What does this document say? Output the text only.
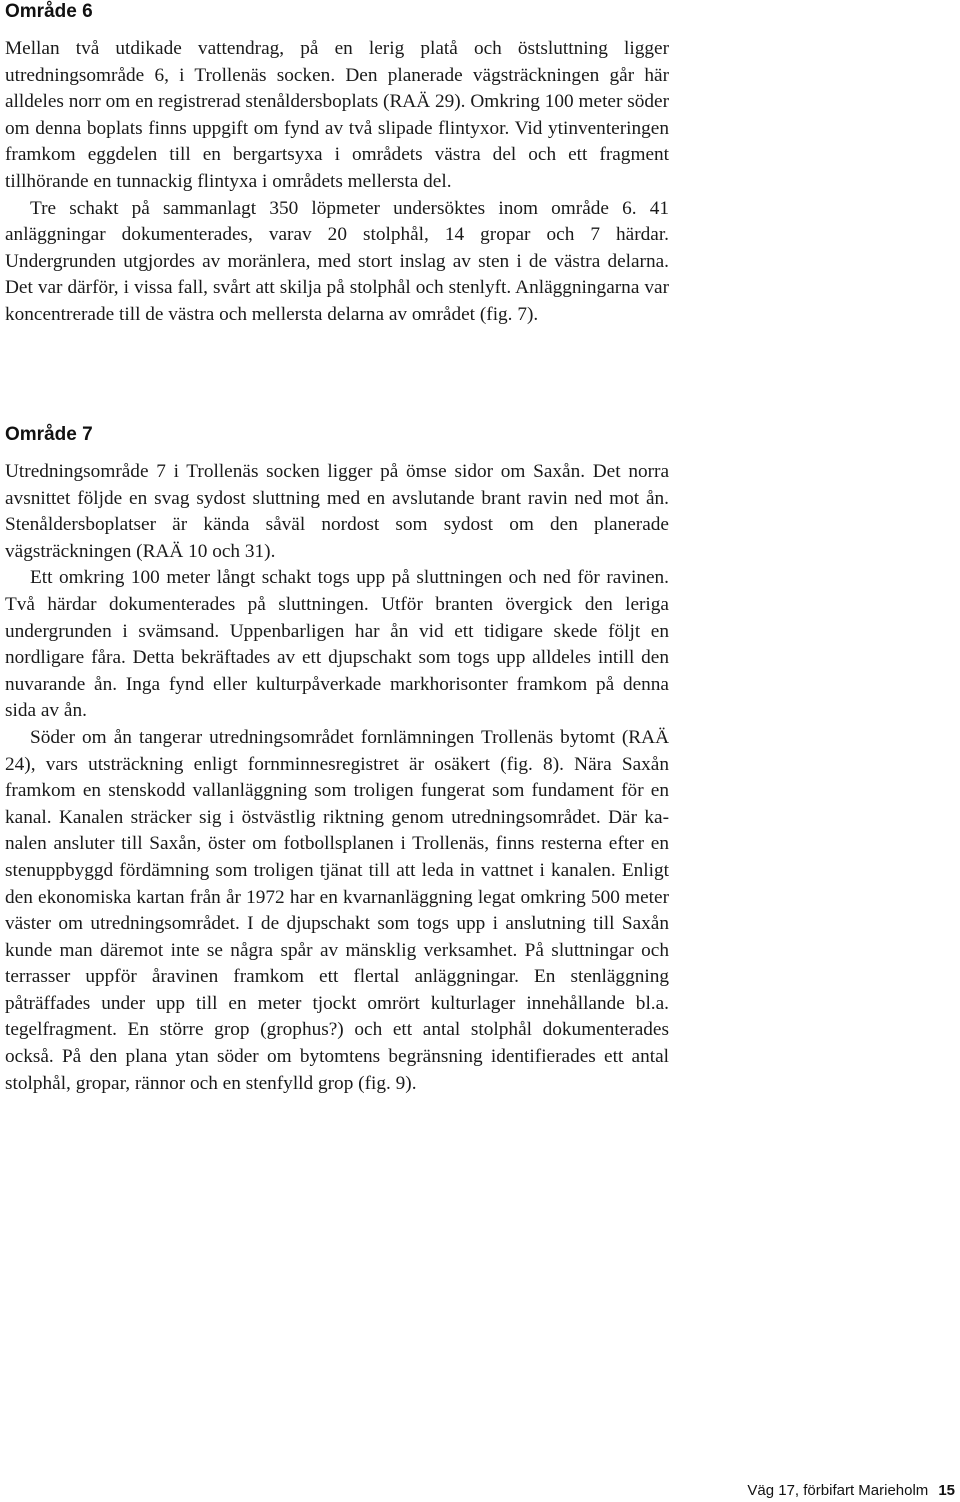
Område 6

Mellan två utdikade vattendrag, på en lerig platå och östsluttning ligger utredningsområde 6, i Trollenäs socken. Den planerade vägsträckningen går här alldeles norr om en registrerad stenåldersboplats (RAÄ 29). Omkring 100 meter söder om denna boplats finns uppgift om fynd av två slipade flintyxor. Vid ytinventeringen framkom eggdelen till en bergartsyxa i områdets västra del och ett fragment tillhörande en tunnackig flintyxa i områdets mellersta del.

Tre schakt på sammanlagt 350 löpmeter undersöktes inom område 6. 41 anläggningar dokumenterades, varav 20 stolphål, 14 gropar och 7 härdar. Undergrunden utgjordes av moränlera, med stort inslag av sten i de västra delarna. Det var därför, i vissa fall, svårt att skilja på stolphål och stenlyft. Anläggningarna var koncentrerade till de västra och mellersta delarna av området (fig. 7).

Område 7

Utredningsområde 7 i Trollenäs socken ligger på ömse sidor om Saxån. Det norra avsnittet följde en svag sydost sluttning med en avslutande brant ravin ned mot ån. Stenåldersboplatser är kända såväl nordost som sydost om den planerade vägsträckningen (RAÄ 10 och 31).

Ett omkring 100 meter långt schakt togs upp på sluttningen och ned för ravinen. Två härdar dokumenterades på sluttningen. Utför branten övergick den leriga undergrunden i svämsand. Uppenbarligen har ån vid ett tidigare skede följt en nordligare fåra. Detta bekräftades av ett djupschakt som togs upp alldeles intill den nuvarande ån. Inga fynd eller kulturpåverkade markhorisonter framkom på denna sida av ån.

Söder om ån tangerar utredningsområdet fornlämningen Trollenäs bytomt (RAÄ 24), vars utsträckning enligt fornminnesregistret är osäkert (fig. 8). Nära Saxån framkom en stenskodd vallanläggning som troligen fungerat som fundament för en kanal. Kanalen sträcker sig i östvästlig riktning genom utredningsområdet. Där kanalen ansluter till Saxån, öster om fotbollsplanen i Trollenäs, finns resterna efter en stenuppbyggd fördämning som troligen tjänat till att leda in vattnet i kanalen. Enligt den ekonomiska kartan från år 1972 har en kvarnanläggning legat omkring 500 meter väster om utredningsområdet. I de djupschakt som togs upp i anslutning till Saxån kunde man däremot inte se några spår av mänsklig verksamhet. På sluttningar och terrasser uppför åravinen framkom ett flertal anläggningar. En stenläggning påträffades under upp till en meter tjockt omrört kulturlager innehållande bl.a. tegelfragment. En större grop (grophus?) och ett antal stolphål dokumenterades också. På den plana ytan söder om bytomtens begränsning identifierades ett antal stolphål, gropar, rännor och en stenfylld grop (fig. 9).

Väg 17, förbifart Marieholm 15
